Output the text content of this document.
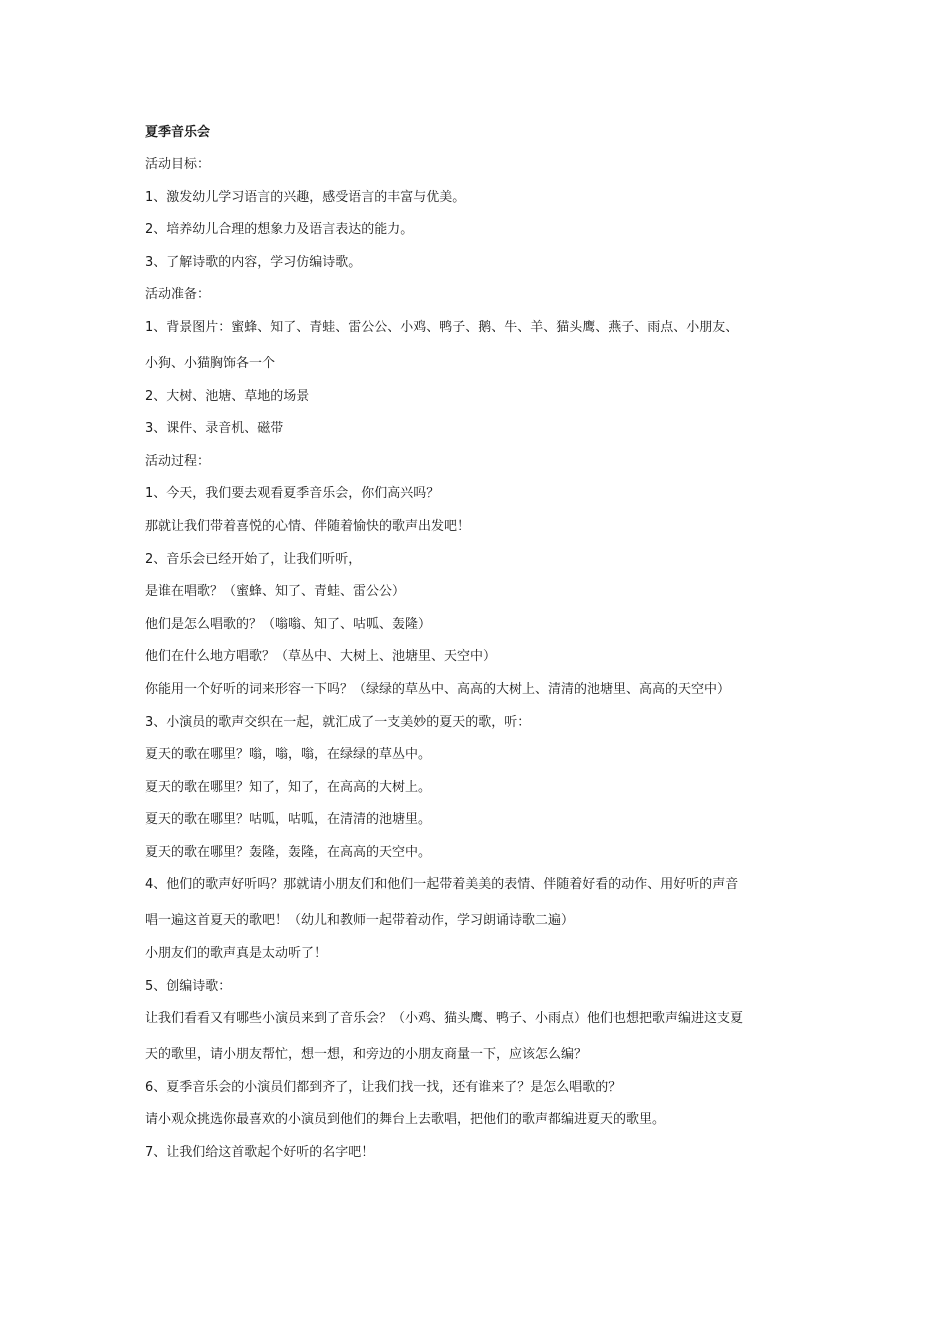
夏季音乐会
活动目标：
1、激发幼儿学习语言的兴趣，感受语言的丰富与优美。
2、培养幼儿合理的想象力及语言表达的能力。
3、了解诗歌的内容，学习仿编诗歌。
活动准备：
1、背景图片：蜜蜂、知了、青蛙、雷公公、小鸡、鸭子、鹅、牛、羊、猫头鹰、燕子、雨点、小朋友、
小狗、小猫胸饰各一个
2、大树、池塘、草地的场景
3、课件、录音机、磁带
活动过程：
1、今天，我们要去观看夏季音乐会，你们高兴吗？
那就让我们带着喜悦的心情、伴随着愉快的歌声出发吧！
2、音乐会已经开始了，让我们听听，
是谁在唱歌？（蜜蜂、知了、青蛙、雷公公）
他们是怎么唱歌的？（嗡嗡、知了、咕呱、轰隆）
他们在什么地方唱歌？（草丛中、大树上、池塘里、天空中）
你能用一个好听的词来形容一下吗？（绿绿的草丛中、高高的大树上、清清的池塘里、高高的天空中）
3、小演员的歌声交织在一起，就汇成了一支美妙的夏天的歌，听：
夏天的歌在哪里？嗡，嗡，嗡，在绿绿的草丛中。
夏天的歌在哪里？知了，知了，在高高的大树上。
夏天的歌在哪里？咕呱，咕呱，在清清的池塘里。
夏天的歌在哪里？轰隆，轰隆，在高高的天空中。
4、他们的歌声好听吗？那就请小朋友们和他们一起带着美美的表情、伴随着好看的动作、用好听的声音
唱一遍这首夏天的歌吧！（幼儿和教师一起带着动作，学习朗诵诗歌二遍）
小朋友们的歌声真是太动听了！
5、创编诗歌：
让我们看看又有哪些小演员来到了音乐会？（小鸡、猫头鹰、鸭子、小雨点）他们也想把歌声编进这支夏
天的歌里，请小朋友帮忙，想一想，和旁边的小朋友商量一下，应该怎么编？
6、夏季音乐会的小演员们都到齐了，让我们找一找，还有谁来了？是怎么唱歌的？
请小观众挑选你最喜欢的小演员到他们的舞台上去歌唱，把他们的歌声都编进夏天的歌里。
7、让我们给这首歌起个好听的名字吧！
